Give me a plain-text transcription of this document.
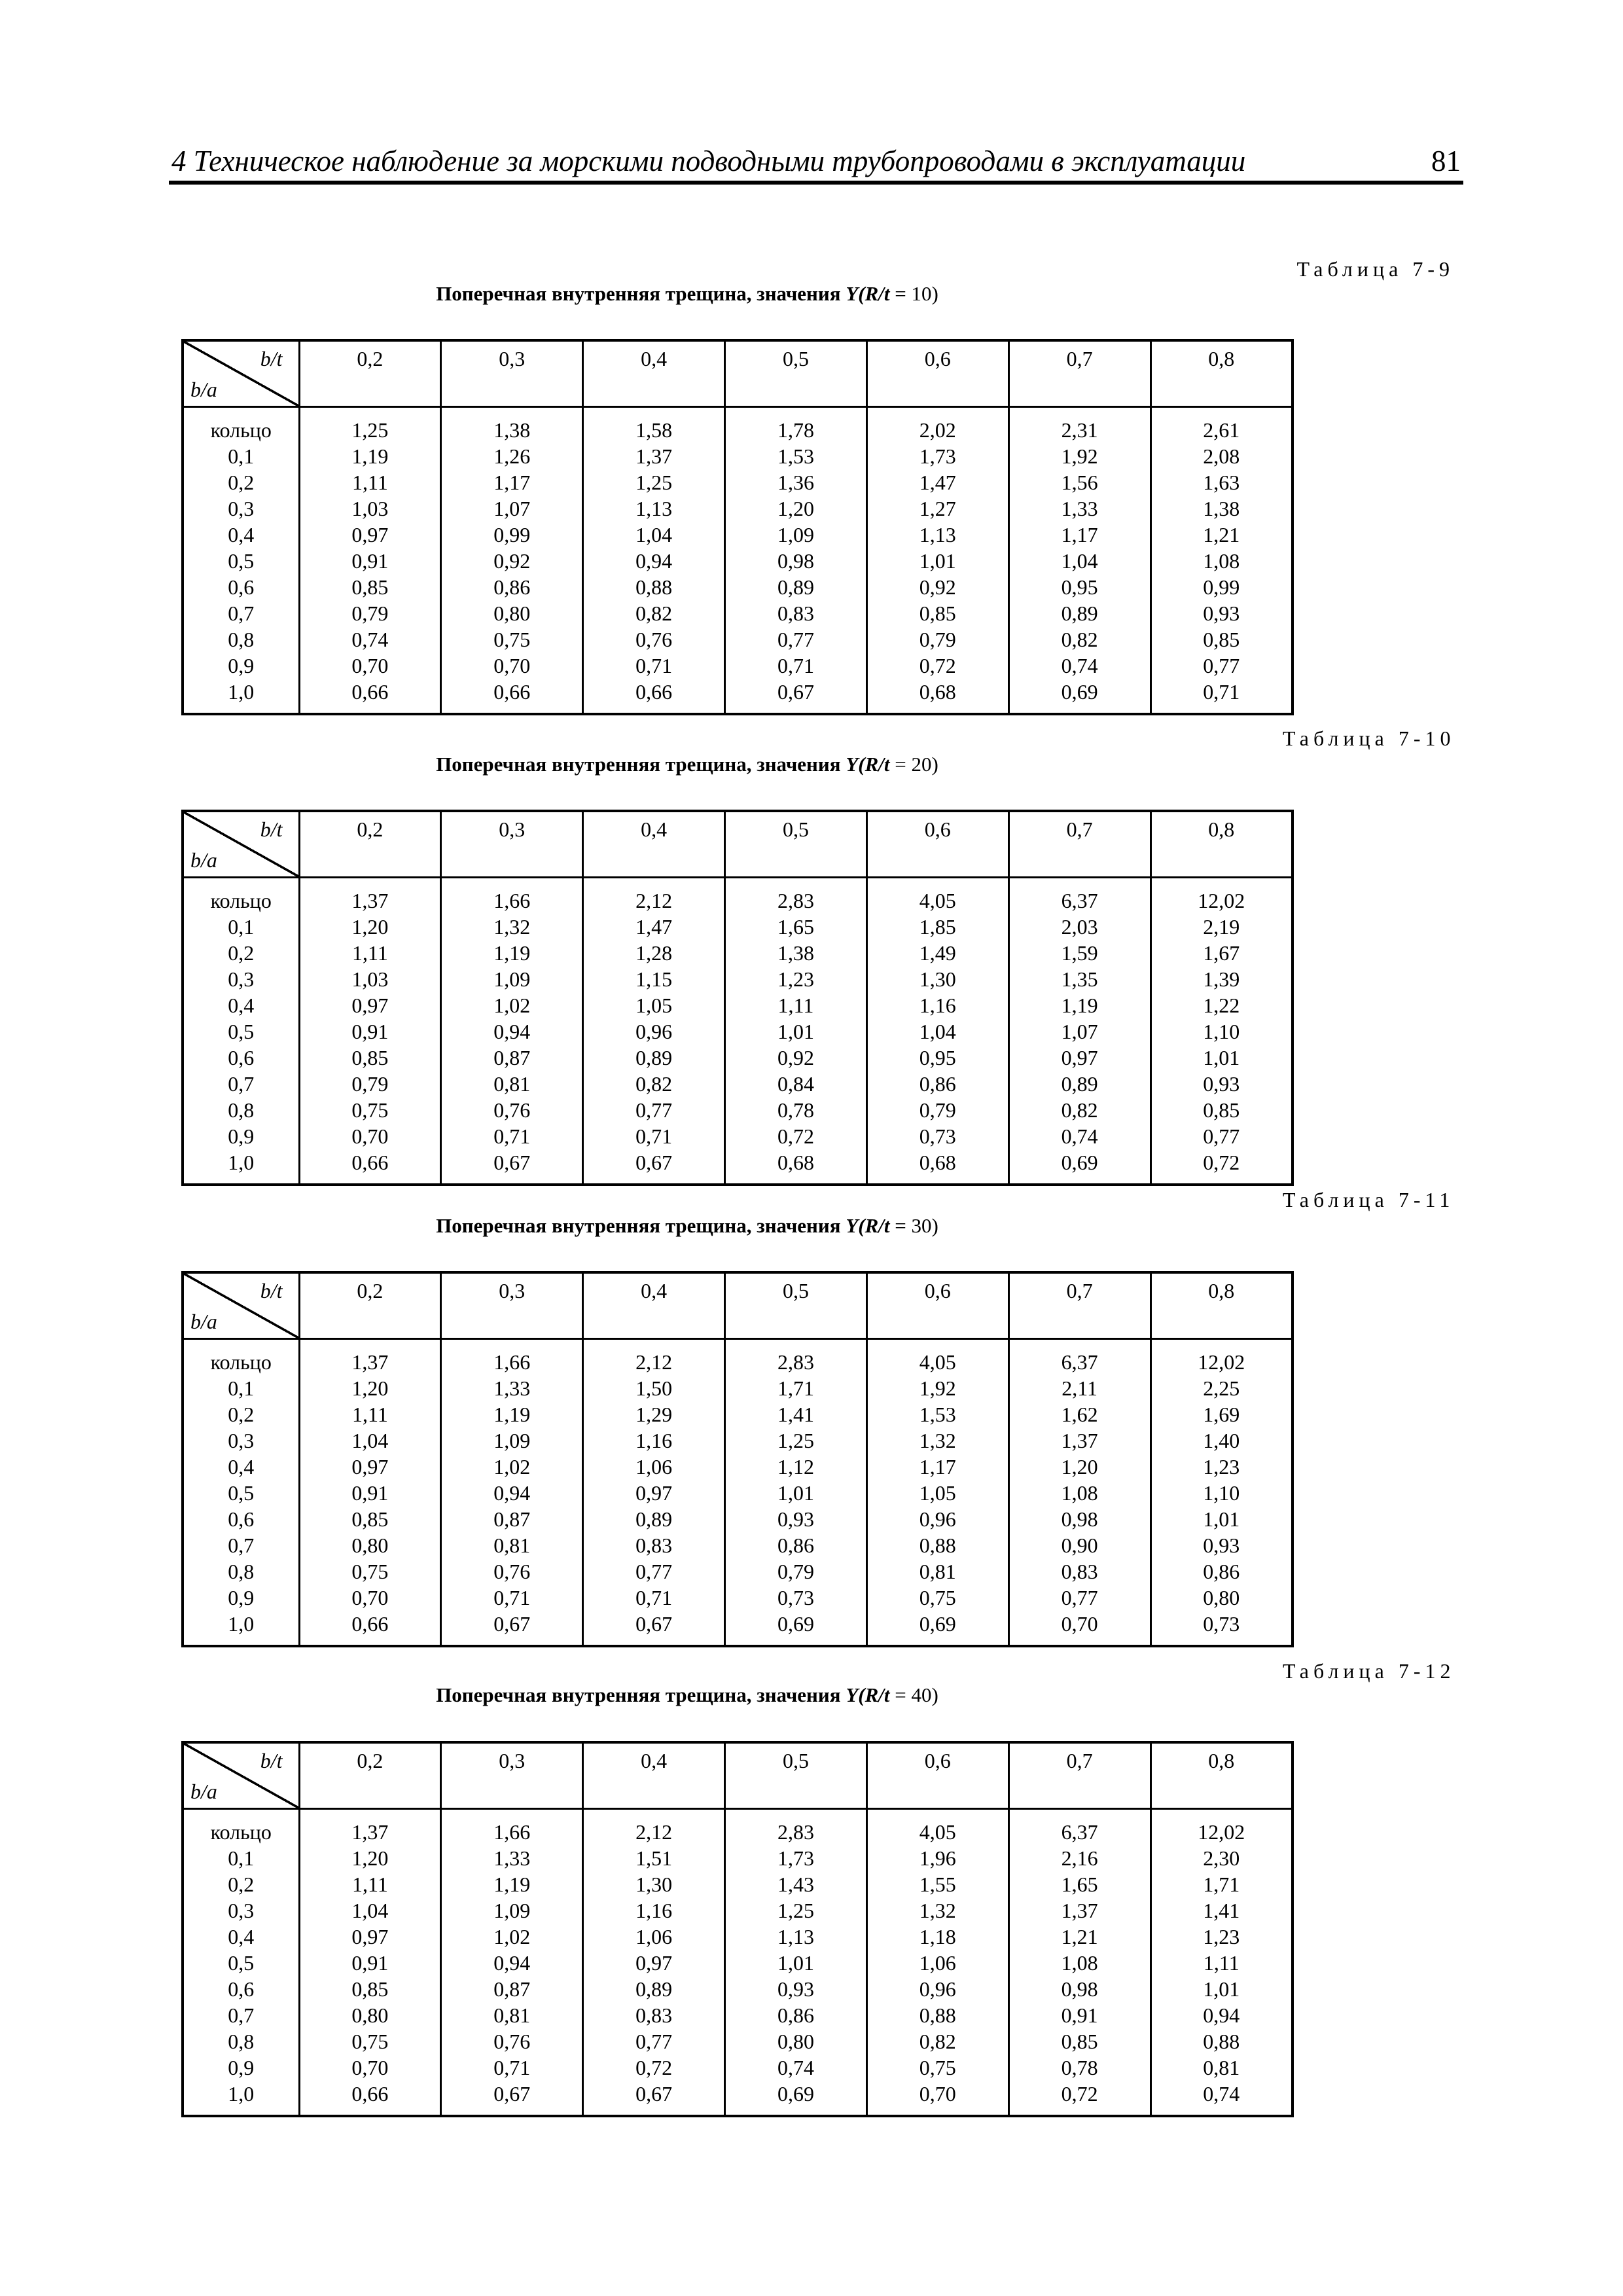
4 Техническое наблюдение за морскими подводными трубопроводами в эксплуатации	81
Таблица 7-9
Поперечная внутренняя трещина, значения Y(R/t = 10)
b/t
b/a	0,2	0,3	0,4	0,5	0,6	0,7	0,8
кольцо	1,25	1,38	1,58	1,78	2,02	2,31	2,61
0,1	1,19	1,26	1,37	1,53	1,73	1,92	2,08
0,2	1,11	1,17	1,25	1,36	1,47	1,56	1,63
0,3	1,03	1,07	1,13	1,20	1,27	1,33	1,38
0,4	0,97	0,99	1,04	1,09	1,13	1,17	1,21
0,5	0,91	0,92	0,94	0,98	1,01	1,04	1,08
0,6	0,85	0,86	0,88	0,89	0,92	0,95	0,99
0,7	0,79	0,80	0,82	0,83	0,85	0,89	0,93
0,8	0,74	0,75	0,76	0,77	0,79	0,82	0,85
0,9	0,70	0,70	0,71	0,71	0,72	0,74	0,77
1,0	0,66	0,66	0,66	0,67	0,68	0,69	0,71
Таблица 7-10
Поперечная внутренняя трещина, значения Y(R/t = 20)
b/t
b/a	0,2	0,3	0,4	0,5	0,6	0,7	0,8
кольцо	1,37	1,66	2,12	2,83	4,05	6,37	12,02
0,1	1,20	1,32	1,47	1,65	1,85	2,03	2,19
0,2	1,11	1,19	1,28	1,38	1,49	1,59	1,67
0,3	1,03	1,09	1,15	1,23	1,30	1,35	1,39
0,4	0,97	1,02	1,05	1,11	1,16	1,19	1,22
0,5	0,91	0,94	0,96	1,01	1,04	1,07	1,10
0,6	0,85	0,87	0,89	0,92	0,95	0,97	1,01
0,7	0,79	0,81	0,82	0,84	0,86	0,89	0,93
0,8	0,75	0,76	0,77	0,78	0,79	0,82	0,85
0,9	0,70	0,71	0,71	0,72	0,73	0,74	0,77
1,0	0,66	0,67	0,67	0,68	0,68	0,69	0,72
Таблица 7-11
Поперечная внутренняя трещина, значения Y(R/t = 30)
b/t
b/a	0,2	0,3	0,4	0,5	0,6	0,7	0,8
кольцо	1,37	1,66	2,12	2,83	4,05	6,37	12,02
0,1	1,20	1,33	1,50	1,71	1,92	2,11	2,25
0,2	1,11	1,19	1,29	1,41	1,53	1,62	1,69
0,3	1,04	1,09	1,16	1,25	1,32	1,37	1,40
0,4	0,97	1,02	1,06	1,12	1,17	1,20	1,23
0,5	0,91	0,94	0,97	1,01	1,05	1,08	1,10
0,6	0,85	0,87	0,89	0,93	0,96	0,98	1,01
0,7	0,80	0,81	0,83	0,86	0,88	0,90	0,93
0,8	0,75	0,76	0,77	0,79	0,81	0,83	0,86
0,9	0,70	0,71	0,71	0,73	0,75	0,77	0,80
1,0	0,66	0,67	0,67	0,69	0,69	0,70	0,73
Таблица 7-12
Поперечная внутренняя трещина, значения Y(R/t = 40)
b/t
b/a	0,2	0,3	0,4	0,5	0,6	0,7	0,8
кольцо	1,37	1,66	2,12	2,83	4,05	6,37	12,02
0,1	1,20	1,33	1,51	1,73	1,96	2,16	2,30
0,2	1,11	1,19	1,30	1,43	1,55	1,65	1,71
0,3	1,04	1,09	1,16	1,25	1,32	1,37	1,41
0,4	0,97	1,02	1,06	1,13	1,18	1,21	1,23
0,5	0,91	0,94	0,97	1,01	1,06	1,08	1,11
0,6	0,85	0,87	0,89	0,93	0,96	0,98	1,01
0,7	0,80	0,81	0,83	0,86	0,88	0,91	0,94
0,8	0,75	0,76	0,77	0,80	0,82	0,85	0,88
0,9	0,70	0,71	0,72	0,74	0,75	0,78	0,81
1,0	0,66	0,67	0,67	0,69	0,70	0,72	0,74
